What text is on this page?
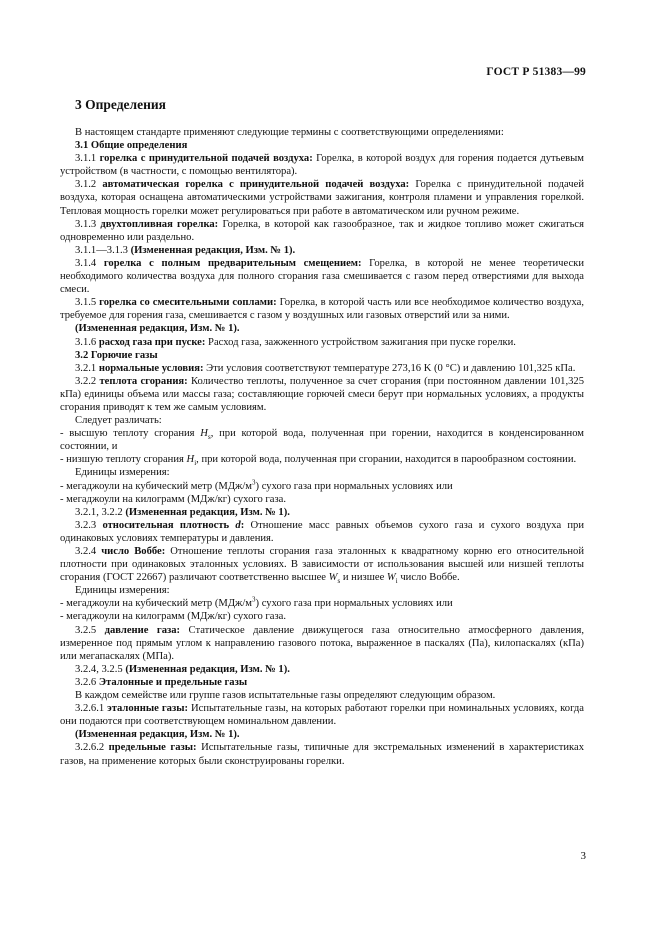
ГОСТ Р 51383—99
3 Определения

В настоящем стандарте применяют следующие термины с соответствующими определениями:

3.1 Общие определения

3.1.1 горелка с принудительной подачей воздуха: Горелка, в которой воздух для горения подается дутьевым устройством (в частности, с помощью вентилятора).

3.1.2 автоматическая горелка с принудительной подачей воздуха: Горелка с принудительной подачей воздуха, которая оснащена автоматическими устройствами зажигания, контроля пламени и управления горелкой. Тепловая мощность горелки может регулироваться при работе в автоматическом или ручном режиме.

3.1.3 двухтопливная горелка: Горелка, в которой как газообразное, так и жидкое топливо может сжигаться одновременно или раздельно.

3.1.1—3.1.3 (Измененная редакция, Изм. № 1).

3.1.4 горелка с полным предварительным смещением: Горелка, в которой не менее теоретически необходимого количества воздуха для полного сгорания газа смешивается с газом перед отверстиями для выхода смеси.

3.1.5 горелка со смесительными соплами: Горелка, в которой часть или все необходимое количество воздуха, требуемое для горения газа, смешивается с газом у воздушных или газовых отверстий или за ними.

(Измененная редакция, Изм. № 1).

3.1.6 расход газа при пуске: Расход газа, зажженного устройством зажигания при пуске горелки.

3.2 Горючие газы

3.2.1 нормальные условия: Эти условия соответствуют температуре 273,16 K (0 °С) и давлению 101,325 кПа.

3.2.2 теплота сгорания: Количество теплоты, полученное за счет сгорания (при постоянном давлении 101,325 кПа) единицы объема или массы газа; составляющие горючей смеси берут при нормальных условиях, а продукты сгорания приводят к тем же самым условиям.

Следует различать:

- высшую теплоту сгорания $H_s$, при которой вода, полученная при горении, находится в конденсированном состоянии, и

- низшую теплоту сгорания $H_i$, при которой вода, полученная при сгорании, находится в парообразном состоянии.

Единицы измерения:

- мегаджоули на кубический метр $(МДж/м^3)$ сухого газа при нормальных условиях или

- мегаджоули на килограмм (МДж/кг) сухого газа.

3.2.1, 3.2.2 (Измененная редакция, Изм. № 1).

3.2.3 относительная плотность d: Отношение масс равных объемов сухого газа и сухого воздуха при одинаковых условиях температуры и давления.

3.2.4 число Воббе: Отношение теплоты сгорания газа эталонных к квадратному корню его относительной плотности при одинаковых эталонных условиях. В зависимости от использования высшей или низшей теплоты сгорания (ГОСТ 22667) различают соответственно высшее $W_s$ и низшее $W_i$ число Воббе.

Единицы измерения:

- мегаджоули на кубический метр $(МДж/м^3)$ сухого газа при нормальных условиях или

- мегаджоули на килограмм (МДж/кг) сухого газа.

3.2.5 давление газа: Статическое давление движущегося газа относительно атмосферного давления, измеренное под прямым углом к направлению газового потока, выраженное в паскалях (Па), килопаскалях (кПа) или мегапаскалях (МПа).

3.2.4, 3.2.5 (Измененная редакция, Изм. № 1).

3.2.6 Эталонные и предельные газы

В каждом семействе или группе газов испытательные газы определяют следующим образом.

3.2.6.1 эталонные газы: Испытательные газы, на которых работают горелки при номинальных условиях, когда они подаются при соответствующем номинальном давлении.

(Измененная редакция, Изм. № 1).

3.2.6.2 предельные газы: Испытательные газы, типичные для экстремальных изменений в характеристиках газов, на применение которых были сконструированы горелки.

3
